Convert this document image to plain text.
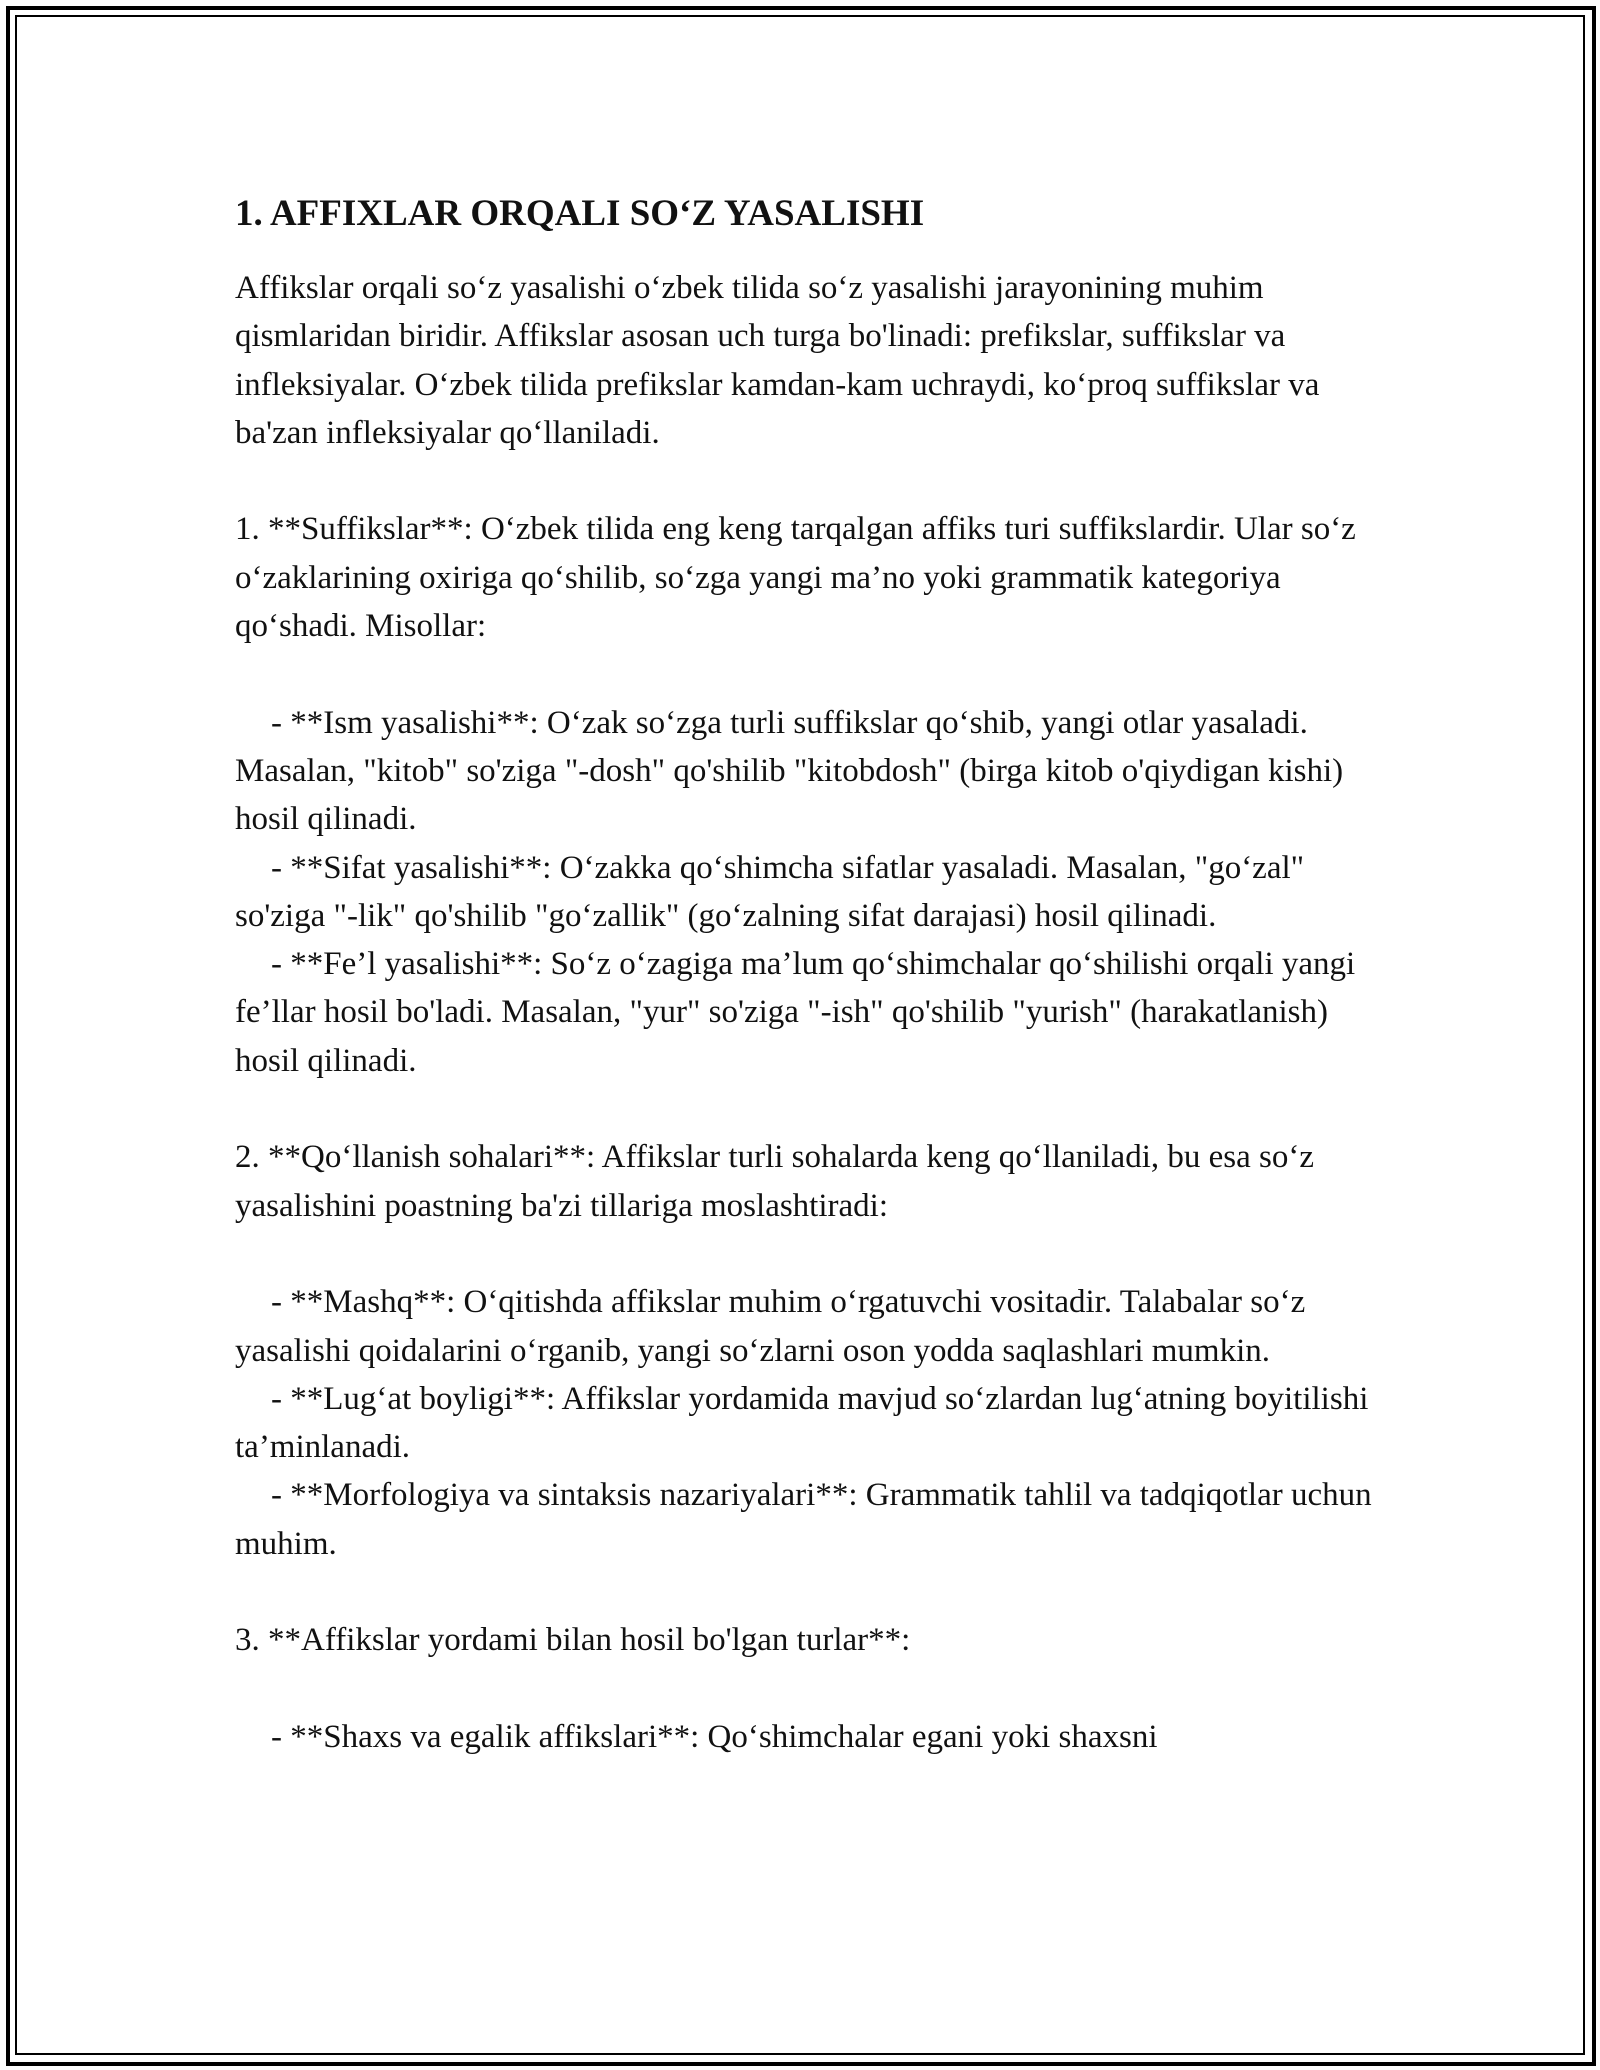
1. AFFIXLAR ORQALI SO‘Z YASALISHI

Affikslar orqali so‘z yasalishi o‘zbek tilida so‘z yasalishi jarayonining muhim qismlaridan biridir. Affikslar asosan uch turga bo'linadi: prefikslar, suffikslar va infleksiyalar. O‘zbek tilida prefikslar kamdan-kam uchraydi, ko‘proq suffikslar va ba'zan infleksiyalar qo‘llaniladi.

1. **Suffikslar**: O‘zbek tilida eng keng tarqalgan affiks turi suffikslardir. Ular so‘z o‘zaklarining oxiriga qo‘shilib, so‘zga yangi ma’no yoki grammatik kategoriya qo‘shadi. Misollar:

- **Ism yasalishi**: O‘zak so‘zga turli suffikslar qo‘shib, yangi otlar yasaladi. Masalan, "kitob" so'ziga "-dosh" qo'shilib "kitobdosh" (birga kitob o'qiydigan kishi) hosil qilinadi.
- **Sifat yasalishi**: O‘zakka qo‘shimcha sifatlar yasaladi. Masalan, "go‘zal" so'ziga "-lik" qo'shilib "go‘zallik" (go‘zalning sifat darajasi) hosil qilinadi.
- **Fe’l yasalishi**: So‘z o‘zagiga ma’lum qo‘shimchalar qo‘shilishi orqali yangi fe’llar hosil bo'ladi. Masalan, "yur" so'ziga "-ish" qo'shilib "yurish" (harakatlanish) hosil qilinadi.

2. **Qo‘llanish sohalari**: Affikslar turli sohalarda keng qo‘llaniladi, bu esa so‘z yasalishini poastning ba'zi tillariga moslashtiradi:

- **Mashq**: O‘qitishda affikslar muhim o‘rgatuvchi vositadir. Talabalar so‘z yasalishi qoidalarini o‘rganib, yangi so‘zlarni oson yodda saqlashlari mumkin.
- **Lug‘at boyligi**: Affikslar yordamida mavjud so‘zlardan lug‘atning boyitilishi ta’minlanadi.
- **Morfologiya va sintaksis nazariyalari**: Grammatik tahlil va tadqiqotlar uchun muhim.

3. **Affikslar yordami bilan hosil bo'lgan turlar**:

- **Shaxs va egalik affikslari**: Qo‘shimchalar egani yoki shaxsni
